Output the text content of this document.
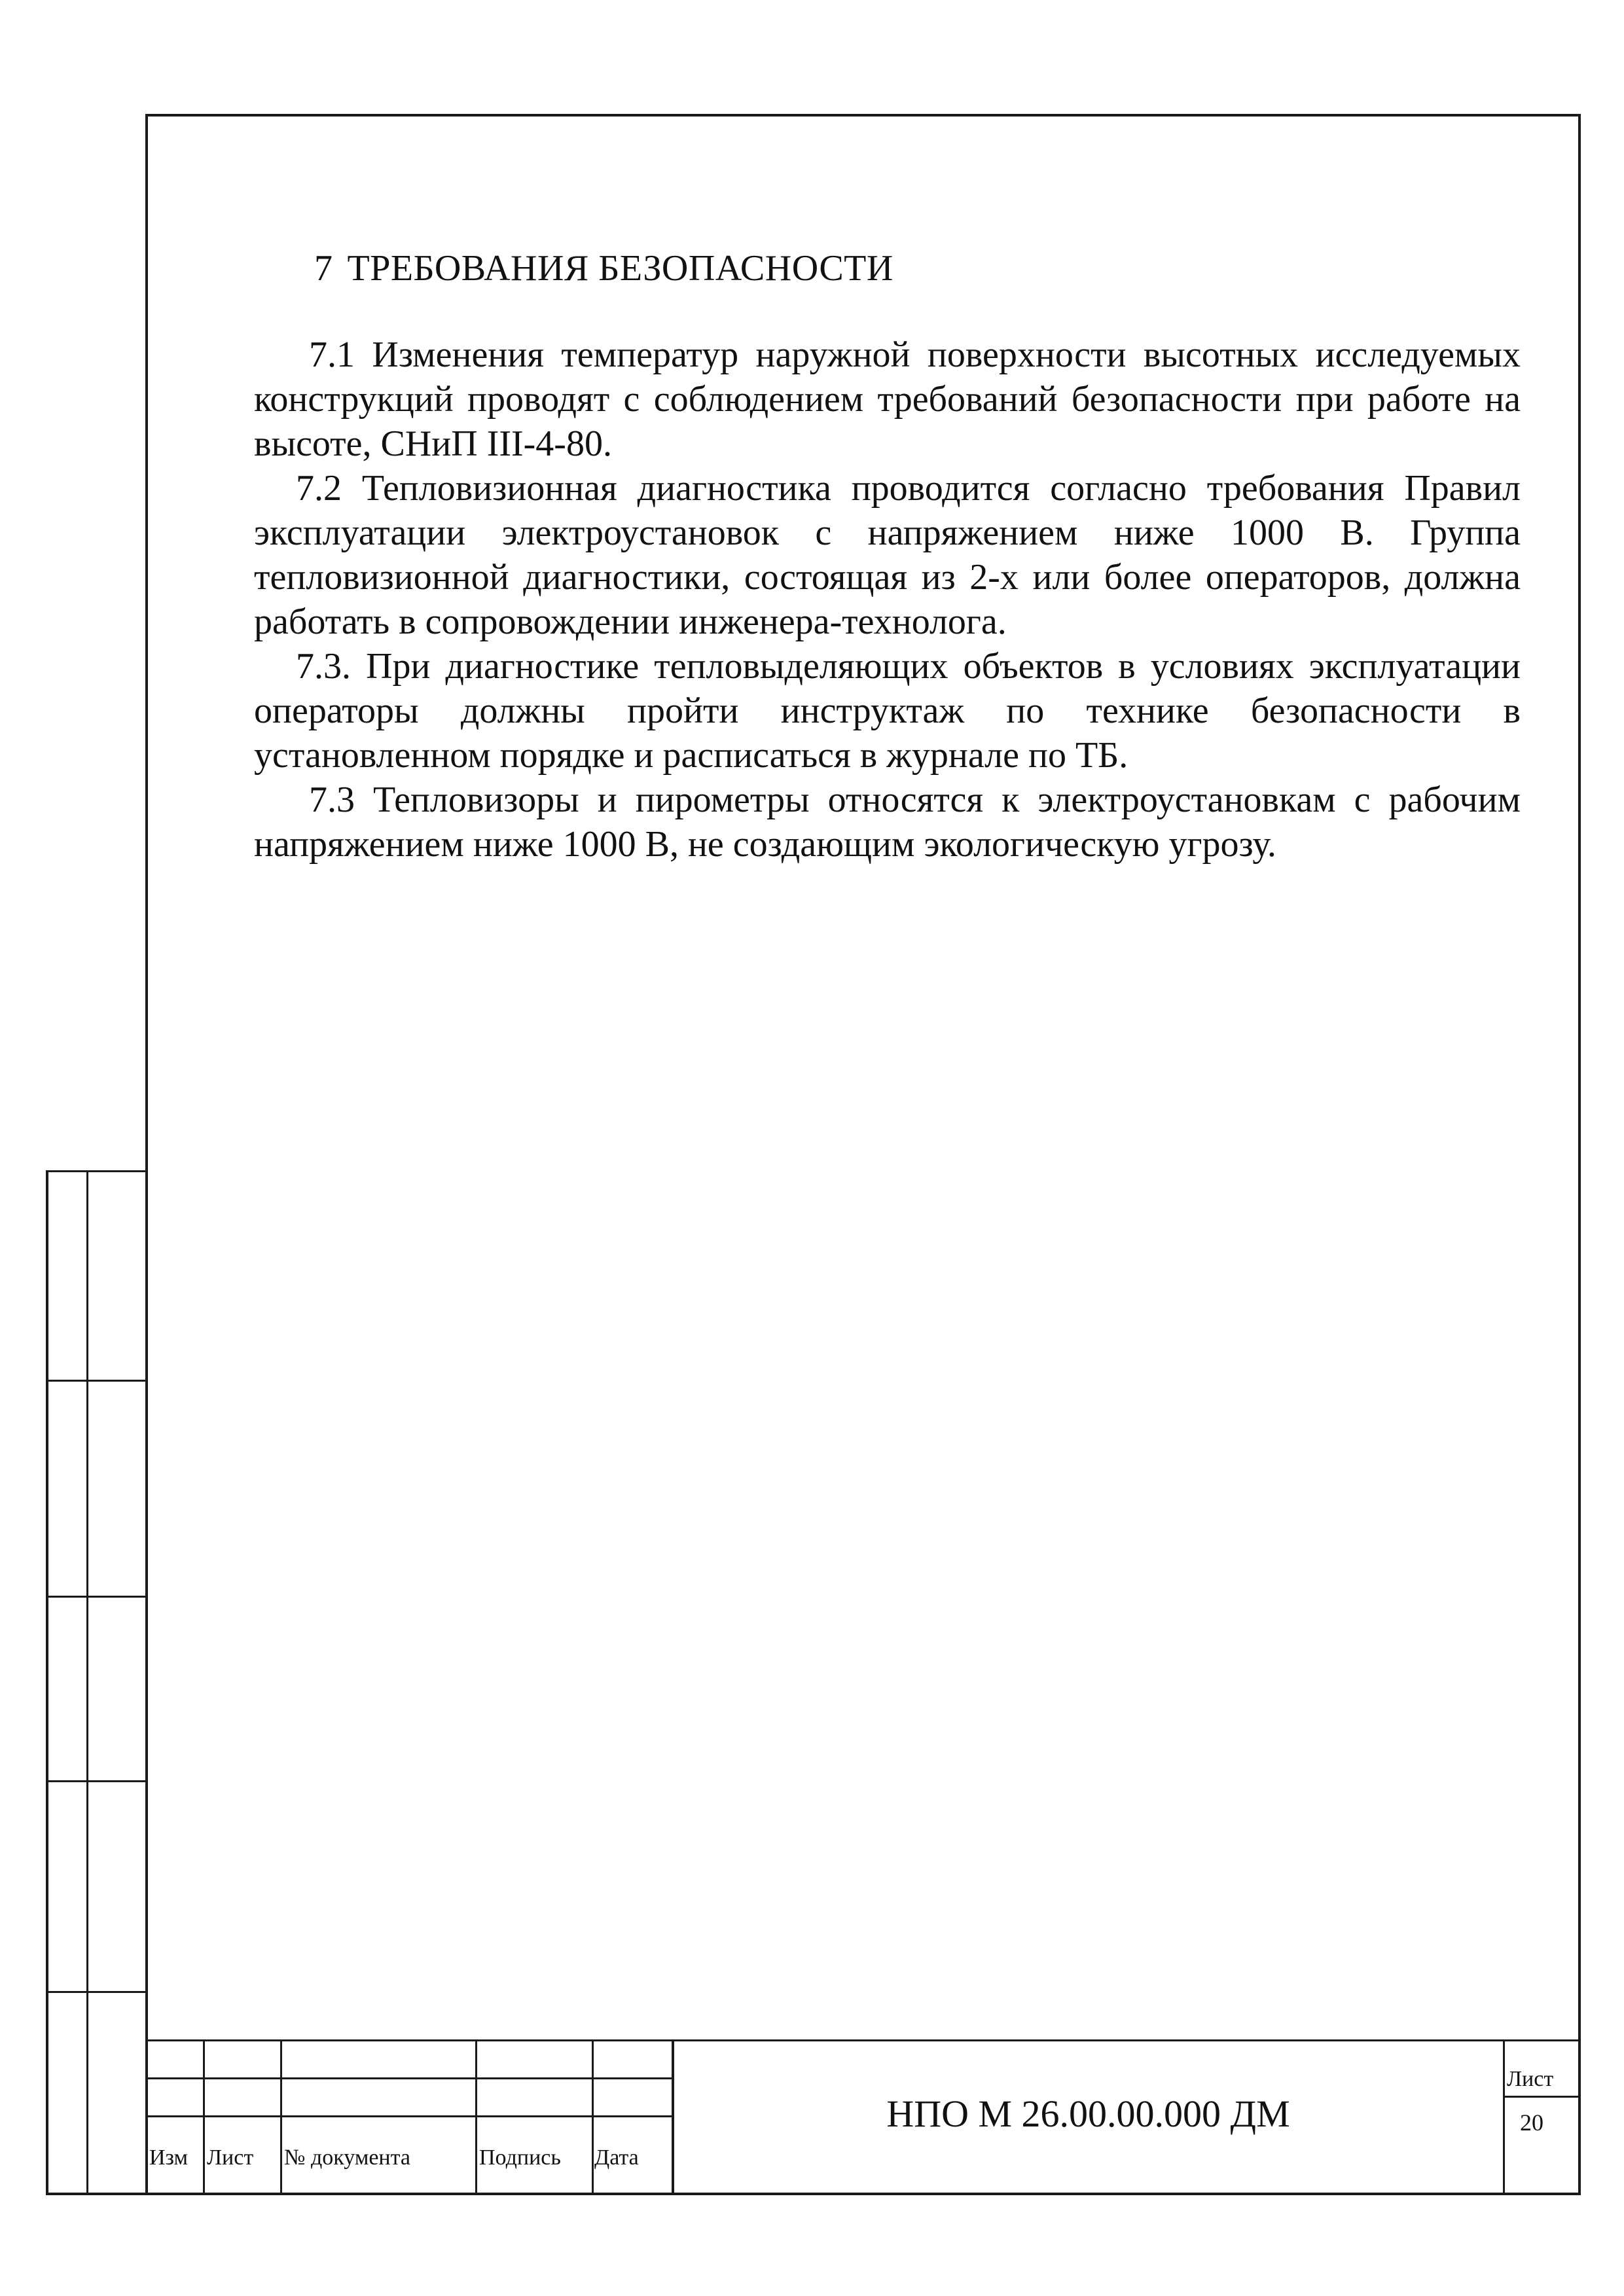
7 ТРЕБОВАНИЯ БЕЗОПАСНОСТИ

7.1 Изменения температур наружной поверхности высотных исследуемых конструкций проводят с соблюдением требований безопасности при работе на высоте, СНиП III-4-80.

7.2 Тепловизионная диагностика проводится согласно требования Правил эксплуатации электроустановок с напряжением ниже 1000 В. Группа тепловизионной диагностики, состоящая из 2-х или более операторов, должна работать в сопровождении инженера-технолога.

7.3. При диагностике тепловыделяющих объектов в условиях эксплуатации операторы должны пройти инструктаж по технике безопасности в установленном порядке и расписаться в журнале по ТБ.

7.3 Тепловизоры и пирометры относятся к электроустановкам с рабочим напряжением ниже 1000 В, не создающим экологическую угрозу.

Изм Лист № документа	Подпись Дата
НПО М 26.00.00.000 ДМ
Лист
20
